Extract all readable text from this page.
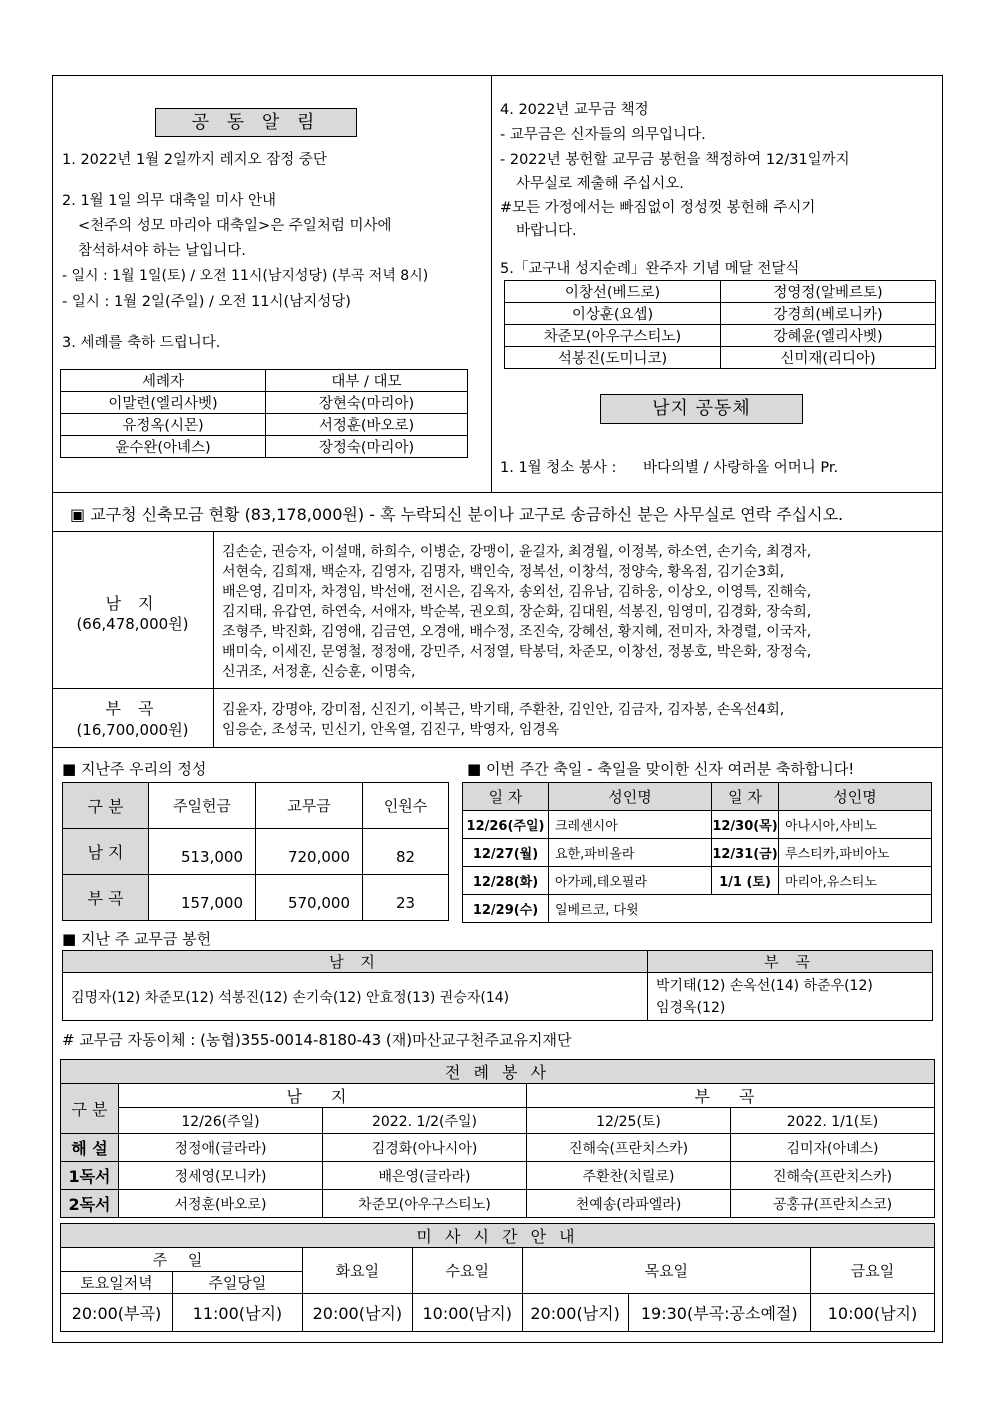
공 동 알 림
1. 2022년 1월 2일까지 레지오 잠정 중단
2. 1월 1일 의무 대축일 미사 안내
<천주의 성모 마리아 대축일>은 주일처럼 미사에
참석하셔야 하는 날입니다.
- 일시 : 1월 1일(토) / 오전 11시(남지성당) (부곡 저녁 8시)
- 일시 : 1월 2일(주일) / 오전 11시(남지성당)
3. 세례를 축하 드립니다.
세례자	대부 / 대모
이말련(엘리사벳)	장현숙(마리아)
유정옥(시몬)	서정훈(바오로)
윤수완(아녜스)	장정숙(마리아)
4. 2022년 교무금 책정
- 교무금은 신자들의 의무입니다.
- 2022년 봉헌할 교무금 봉헌을 책정하여 12/31일까지
사무실로 제출해 주십시오.
#모든 가정에서는 빠짐없이 정성껏 봉헌해 주시기
바랍니다.
5.「교구내 성지순례」완주자 기념 메달 전달식
이창선(베드로)	정영정(알베르토)
이상훈(요셉)	강경희(베로니카)
차준모(아우구스티노)	강혜윤(엘리사벳)
석봉진(도미니코)	신미재(리디아)
남지 공동체
1. 1월 청소 봉사 : 바다의별 / 사랑하올 어머니 Pr.
▣ 교구청 신축모금 현황 (83,178,000원) - 혹 누락되신 분이나 교구로 송금하신 분은 사무실로 연락 주십시오.
남 지
(66,478,000원)
김손순, 권승자, 이설매, 하희수, 이병순, 강맹이, 윤길자, 최경월, 이정복, 하소연, 손기숙, 최경자,
서현숙, 김희재, 백순자, 김영자, 김명자, 백인숙, 정복선, 이창석, 정양숙, 황옥점, 김기순3회,
배은영, 김미자, 차경임, 박선애, 전시은, 김옥자, 송외선, 김유남, 김하웅, 이상오, 이영특, 진해숙,
김지태, 유갑연, 하연숙, 서애자, 박순복, 권오희, 장순화, 김대원, 석봉진, 임영미, 김경화, 장숙희,
조형주, 박진화, 김영애, 김금연, 오경애, 배수정, 조진숙, 강혜선, 황지혜, 전미자, 차경렬, 이국자,
배미숙, 이세진, 문영철, 정정애, 강민주, 서정열, 탁봉덕, 차준모, 이창선, 정봉호, 박은화, 장정숙,
신귀조, 서정훈, 신승훈, 이명숙,
부 곡
(16,700,000원)
김윤자, 강명야, 강미점, 신진기, 이복근, 박기태, 주환찬, 김인안, 김금자, 김자봉, 손옥선4회,
임응순, 조성국, 민신기, 안옥열, 김진구, 박영자, 임경옥
■ 지난주 우리의 정성
구 분	주일헌금	교무금	인원수
남 지	513,000	720,000	82
부 곡	157,000	570,000	23
■ 이번 주간 축일 - 축일을 맞이한 신자 여러분 축하합니다!
일 자	성인명	일 자	성인명
12/26(주일)	크레센시아	12/30(목)	아나시아,사비노
12/27(월)	요한,파비올라	12/31(금)	루스티카,파비아노
12/28(화)	아가페,테오필라	1/1 (토)	마리아,유스티노
12/29(수)	일베르코, 다윗		
■ 지난 주 교무금 봉헌
남 지	부 곡
김명자(12) 차준모(12) 석봉진(12) 손기숙(12) 안효정(13) 권승자(14)	박기태(12) 손옥선(14) 하준우(12)
임경옥(12)
# 교무금 자동이체 : (농협)355-0014-8180-43 (재)마산교구천주교유지재단
전 례 봉 사				
구 분	남 지		부 곡	
	12/26(주일)	2022. 1/2(주일)	12/25(토)	2022. 1/1(토)
해 설	정정애(글라라)	김경화(아나시아)	진해숙(프란치스카)	김미자(아녜스)
1독서	정세영(모니카)	배은영(글라라)	주환찬(치릴로)	진해숙(프란치스카)
2독서	서정훈(바오로)	차준모(아우구스티노)	천예송(라파엘라)	공홍규(프란치스코)
미 사 시 간 안 내						
주 일		화요일	수요일	목요일		금요일
토요일저녁	주일당일					
20:00(부곡)	11:00(남지)	20:00(남지)	10:00(남지)	20:00(남지)	19:30(부곡:공소예절)	10:00(남지)
